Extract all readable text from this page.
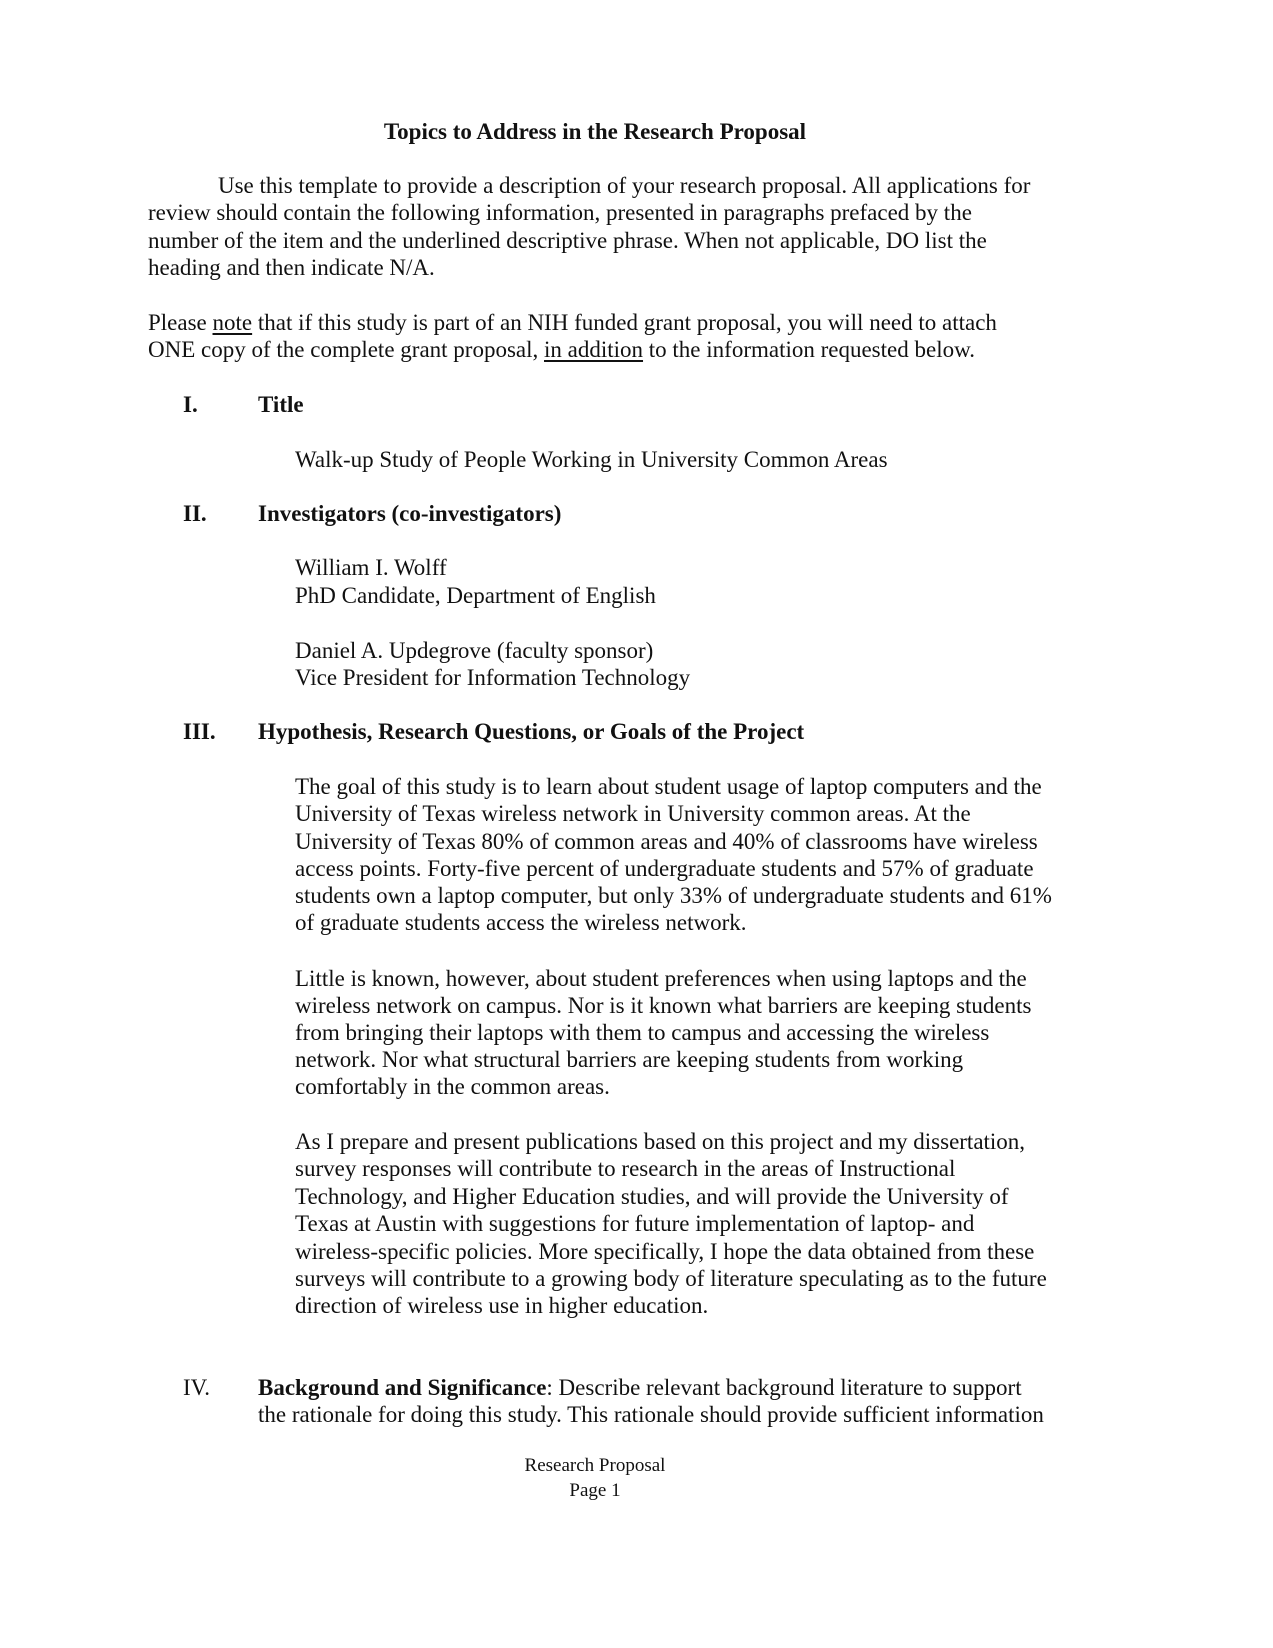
Topics to Address in the Research Proposal

Use this template to provide a description of your research proposal. All applications for

review should contain the following information, presented in paragraphs prefaced by the

number of the item and the underlined descriptive phrase. When not applicable, DO list the

heading and then indicate N/A.

Please note that if this study is part of an NIH funded grant proposal, you will need to attach

ONE copy of the complete grant proposal, in addition to the information requested below.

I.	Title

Walk-up Study of People Working in University Common Areas

II. Investigators (co-investigators)

William I. Wolff

PhD Candidate, Department of English

Daniel A. Updegrove (faculty sponsor)

Vice President for Information Technology

III. Hypothesis, Research Questions, or Goals of the Project

The goal of this study is to learn about student usage of laptop computers and the

University of Texas wireless network in University common areas. At the

University of Texas 80% of common areas and 40% of classrooms have wireless

access points. Forty-five percent of undergraduate students and 57% of graduate

students own a laptop computer, but only 33% of undergraduate students and 61%

of graduate students access the wireless network.

Little is known, however, about student preferences when using laptops and the

wireless network on campus. Nor is it known what barriers are keeping students

from bringing their laptops with them to campus and accessing the wireless

network. Nor what structural barriers are keeping students from working

comfortably in the common areas.

As I prepare and present publications based on this project and my dissertation,

survey responses will contribute to research in the areas of Instructional

Technology, and Higher Education studies, and will provide the University of

Texas at Austin with suggestions for future implementation of laptop- and

wireless-specific policies. More specifically, I hope the data obtained from these

surveys will contribute to a growing body of literature speculating as to the future

direction of wireless use in higher education.

IV. Background and Significance: Describe relevant background literature to support

the rationale for doing this study. This rationale should provide sufficient information

Research Proposal

Page 1
